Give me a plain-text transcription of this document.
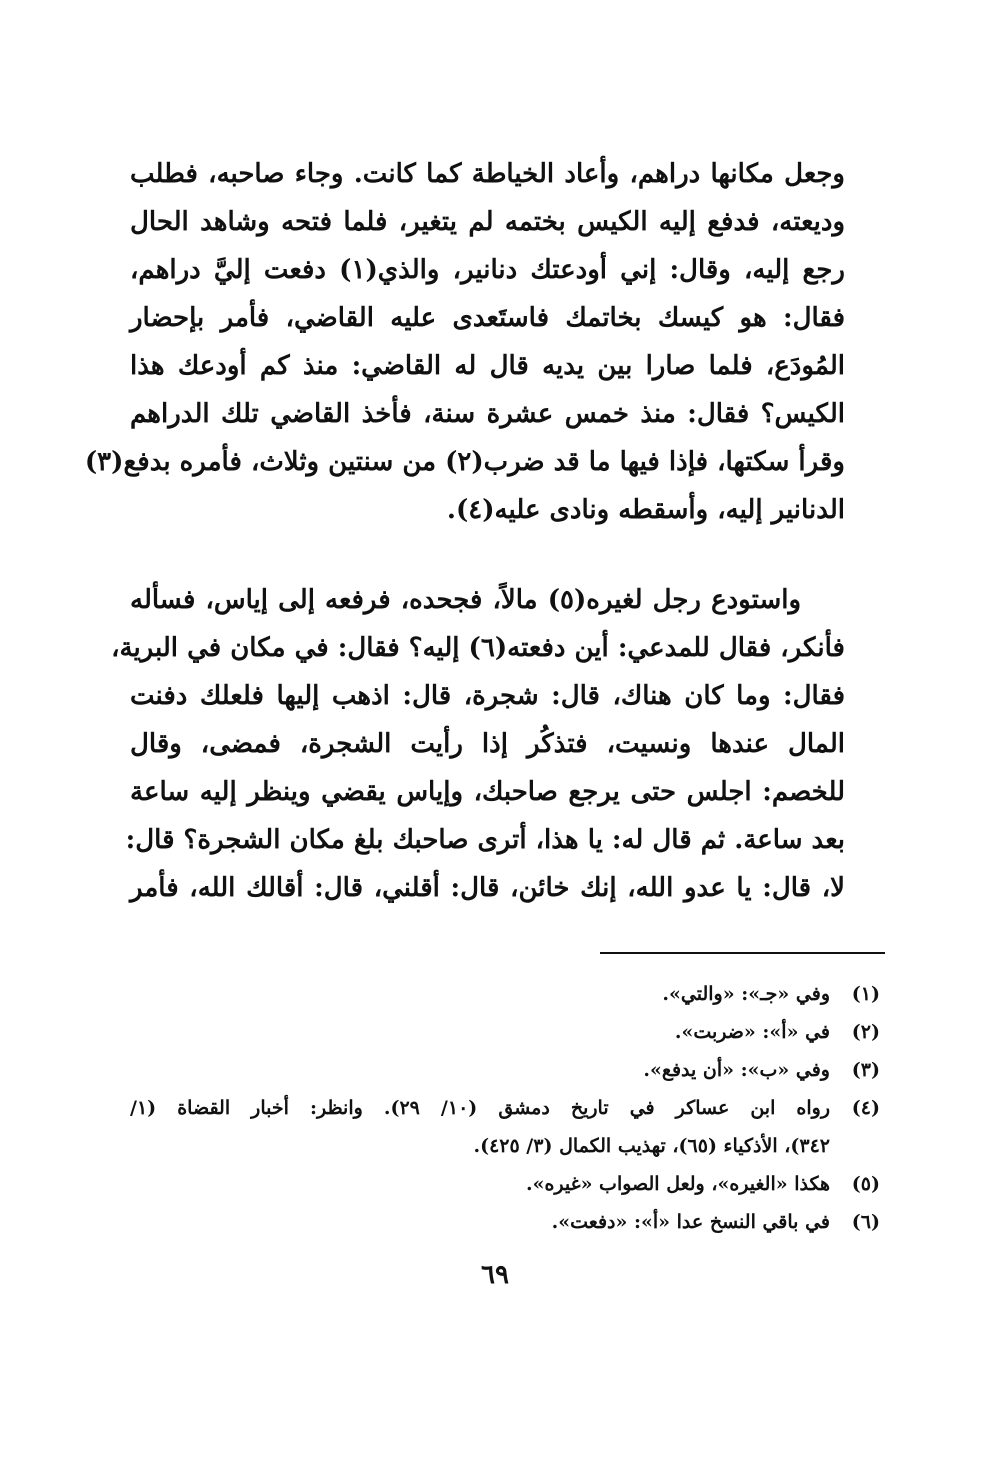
وجعل مكانها دراهم، وأعاد الخياطة كما كانت. وجاء صاحبه، فطلب
وديعته، فدفع إليه الكيس بختمه لم يتغير، فلما فتحه وشاهد الحال
رجع إليه، وقال: إني أودعتك دنانير، والذي(١) دفعت إليَّ دراهم،
فقال: هو كيسك بخاتمك فاستَعدى عليه القاضي، فأمر بإحضار
المُودَع، فلما صارا بين يديه قال له القاضي: منذ كم أودعك هذا
الكيس؟ فقال: منذ خمس عشرة سنة، فأخذ القاضي تلك الدراهم
وقرأ سكتها، فإذا فيها ما قد ضرب(٢) من سنتين وثلاث، فأمره بدفع(٣)
الدنانير إليه، وأسقطه ونادى عليه(٤).
واستودع رجل لغيره(٥) مالاً، فجحده، فرفعه إلى إياس، فسأله
فأنكر، فقال للمدعي: أين دفعته(٦) إليه؟ فقال: في مكان في البرية،
فقال: وما كان هناك، قال: شجرة، قال: اذهب إليها فلعلك دفنت
المال عندها ونسيت، فتذكُر إذا رأيت الشجرة، فمضى، وقال
للخصم: اجلس حتى يرجع صاحبك، وإياس يقضي وينظر إليه ساعة
بعد ساعة. ثم قال له: يا هذا، أترى صاحبك بلغ مكان الشجرة؟ قال:
لا، قال: يا عدو الله، إنك خائن، قال: أقلني، قال: أقالك الله، فأمر
(١)
وفي «جـ»: «والتي».
(٢)
في «أ»: «ضربت».
(٣)
وفي «ب»: «أن يدفع».
(٤)
رواه ابن عساكر في تاريخ دمشق (١٠/ ٢٩). وانظر: أخبار القضاة (١/
٣٤٢)، الأذكياء (٦٥)، تهذيب الكمال (٣/ ٤٢٥).
(٥)
هكذا «الغيره»، ولعل الصواب «غيره».
(٦)
في باقي النسخ عدا «أ»: «دفعت».
٦٩
